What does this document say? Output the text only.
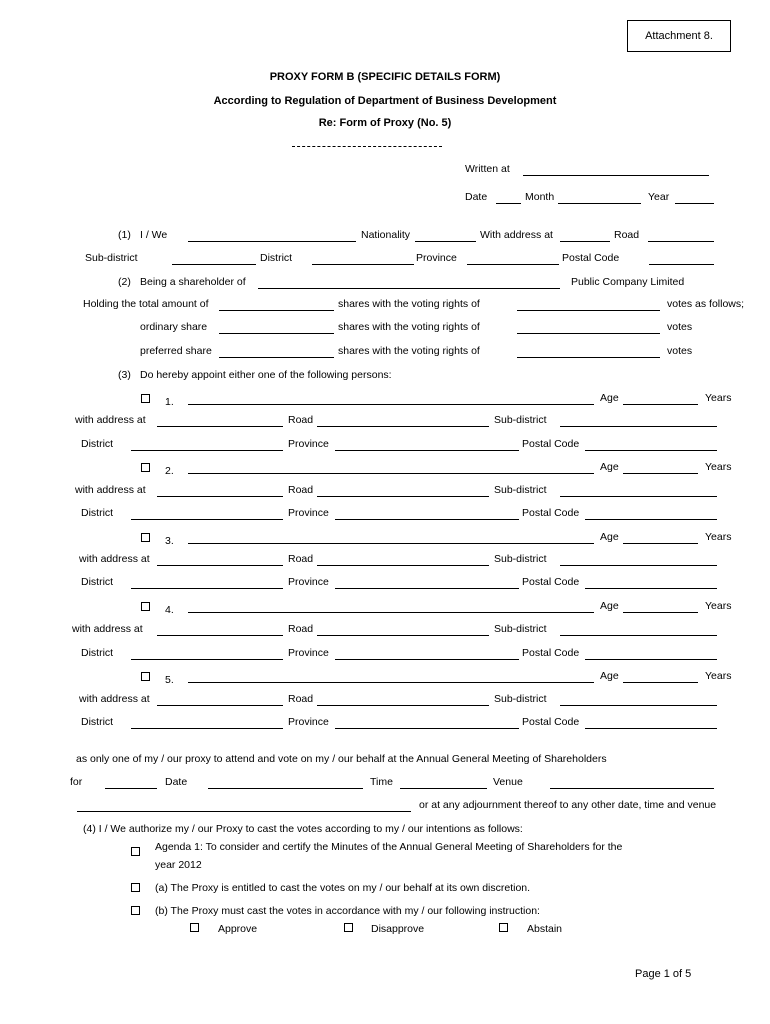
Attachment 8.
PROXY FORM B (SPECIFIC DETAILS FORM)
According to Regulation of Department of Business Development
Re: Form of Proxy (No. 5)
Written at
Date	Month	Year
(1) I / We	Nationality	With address at	Road
Sub-district	District	Province	Postal Code
(2) Being a shareholder of	Public Company Limited
Holding the total amount of	shares with the voting rights of	votes as follows;
ordinary share	shares with the voting rights of	votes
preferred share	shares with the voting rights of	votes
(3) Do hereby appoint either one of the following persons:
1.	Age	Years
with address at	Road	Sub-district
District	Province	Postal Code
2.	Age	Years
with address at	Road	Sub-district
District	Province	Postal Code
3.	Age	Years
with address at	Road	Sub-district
District	Province	Postal Code
4.	Age	Years
with address at	Road	Sub-district
District	Province	Postal Code
5.	Age	Years
with address at	Road	Sub-district
District	Province	Postal Code
as only one of my / our proxy to attend and vote on my / our behalf at the Annual General Meeting of Shareholders
for	Date	Time	Venue
or at any adjournment thereof to any other date, time and venue
(4) I / We authorize my / our Proxy to cast the votes according to my / our intentions as follows:
Agenda 1: To consider and certify the Minutes of the Annual General Meeting of Shareholders for the
year 2012
(a) The Proxy is entitled to cast the votes on my / our behalf at its own discretion.
(b) The Proxy must cast the votes in accordance with my / our following instruction:
Approve	Disapprove	Abstain
Page 1 of 5
